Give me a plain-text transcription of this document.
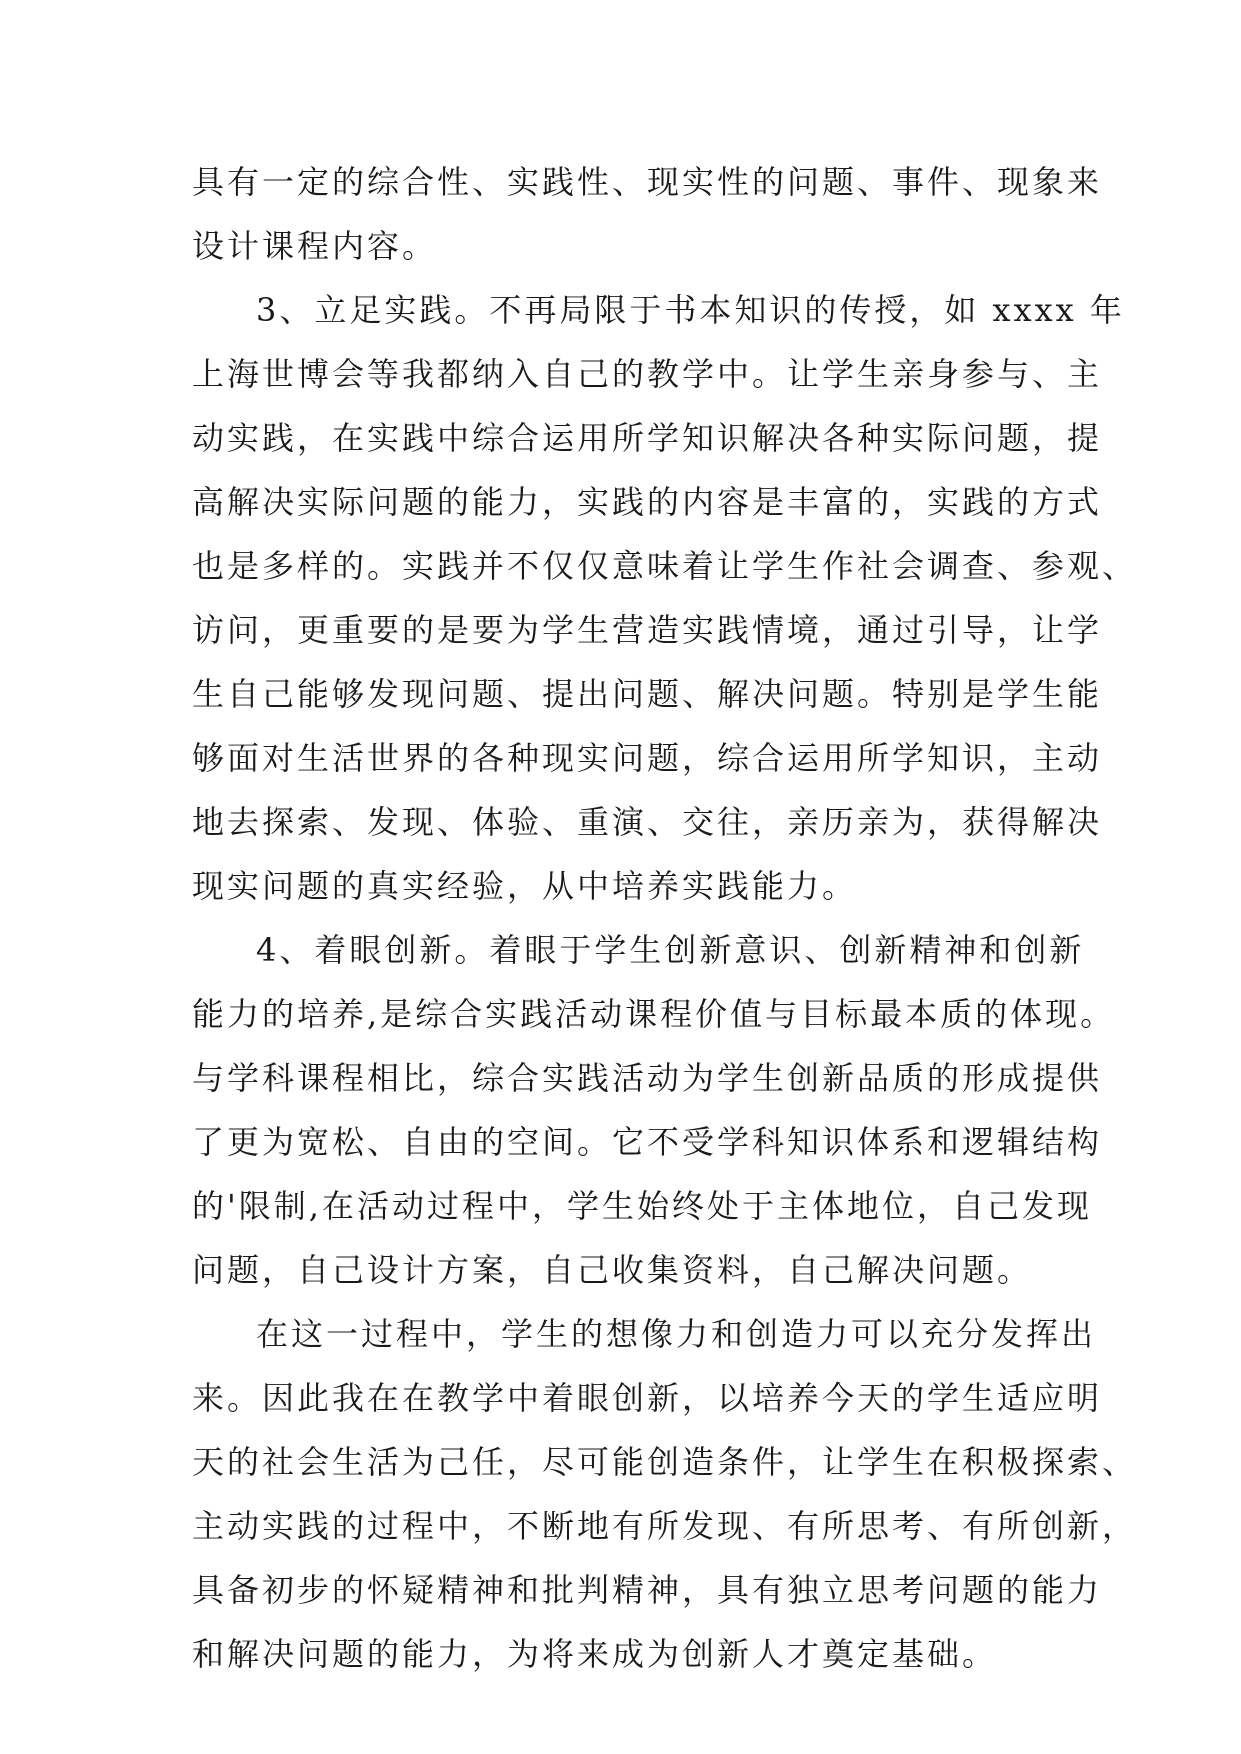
具有一定的综合性、实践性、现实性的问题、事件、现象来
设计课程内容。
3、立足实践。不再局限于书本知识的传授，如 xxxx 年
上海世博会等我都纳入自己的教学中。让学生亲身参与、主
动实践，在实践中综合运用所学知识解决各种实际问题，提
高解决实际问题的能力，实践的内容是丰富的，实践的方式
也是多样的。实践并不仅仅意味着让学生作社会调查、参观、
访问，更重要的是要为学生营造实践情境，通过引导，让学
生自己能够发现问题、提出问题、解决问题。特别是学生能
够面对生活世界的各种现实问题，综合运用所学知识，主动
地去探索、发现、体验、重演、交往，亲历亲为，获得解决
现实问题的真实经验，从中培养实践能力。
4、着眼创新。着眼于学生创新意识、创新精神和创新
能力的培养,是综合实践活动课程价值与目标最本质的体现。
与学科课程相比，综合实践活动为学生创新品质的形成提供
了更为宽松、自由的空间。它不受学科知识体系和逻辑结构
的'限制,在活动过程中，学生始终处于主体地位，自己发现
问题，自己设计方案，自己收集资料，自己解决问题。
在这一过程中，学生的想像力和创造力可以充分发挥出
来。因此我在在教学中着眼创新，以培养今天的学生适应明
天的社会生活为己任，尽可能创造条件，让学生在积极探索、
主动实践的过程中，不断地有所发现、有所思考、有所创新，
具备初步的怀疑精神和批判精神，具有独立思考问题的能力
和解决问题的能力，为将来成为创新人才奠定基础。
